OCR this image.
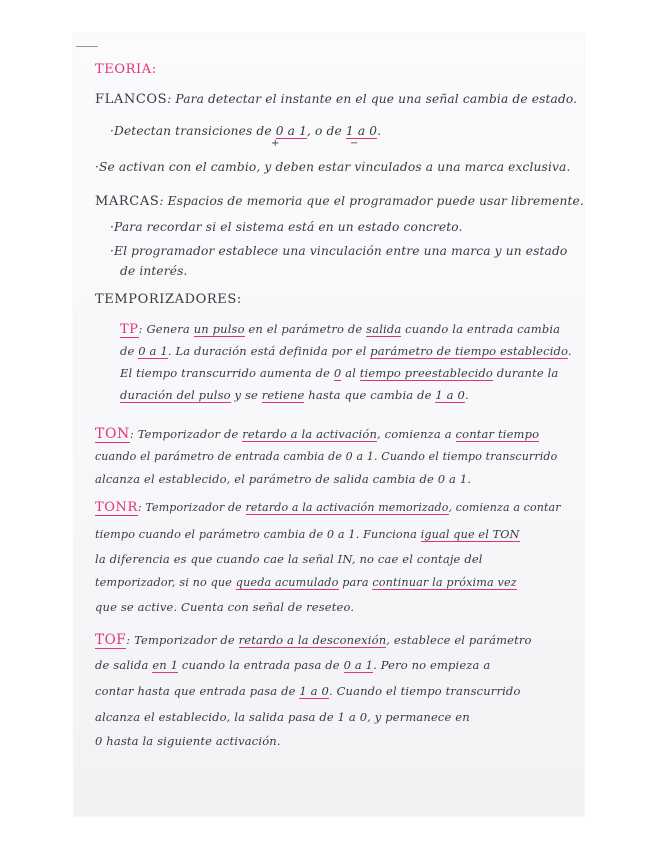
TEORIA:
FLANCOS: Para detectar el instante en el que una señal cambia de estado.
·Detectan transiciones de 0 a 1, o de 1 a 0.
+	−
·Se activan con el cambio, y deben estar vinculados a una marca exclusiva.
MARCAS: Espacios de memoria que el programador puede usar libremente.
·Para recordar si el sistema está en un estado concreto.
·El programador establece una vinculación entre una marca y un estado
de interés.
TEMPORIZADORES:
TP: Genera un pulso en el parámetro de salida cuando la entrada cambia
de 0 a 1. La duración está definida por el parámetro de tiempo establecido.
El tiempo transcurrido aumenta de 0 al tiempo preestablecido durante la
duración del pulso y se retiene hasta que cambia de 1 a 0.
TON: Temporizador de retardo a la activación, comienza a contar tiempo
cuando el parámetro de entrada cambia de 0 a 1. Cuando el tiempo transcurrido
alcanza el establecido, el parámetro de salida cambia de 0 a 1.
TONR: Temporizador de retardo a la activación memorizado, comienza a contar
tiempo cuando el parámetro cambia de 0 a 1. Funciona igual que el TON
la diferencia es que cuando cae la señal IN, no cae el contaje del
temporizador, si no que queda acumulado para continuar la próxima vez
que se active. Cuenta con señal de reseteo.
TOF: Temporizador de retardo a la desconexión, establece el parámetro
de salida en 1 cuando la entrada pasa de 0 a 1. Pero no empieza a
contar hasta que entrada pasa de 1 a 0. Cuando el tiempo transcurrido
alcanza el establecido, la salida pasa de 1 a 0, y permanece en
0 hasta la siguiente activación.
